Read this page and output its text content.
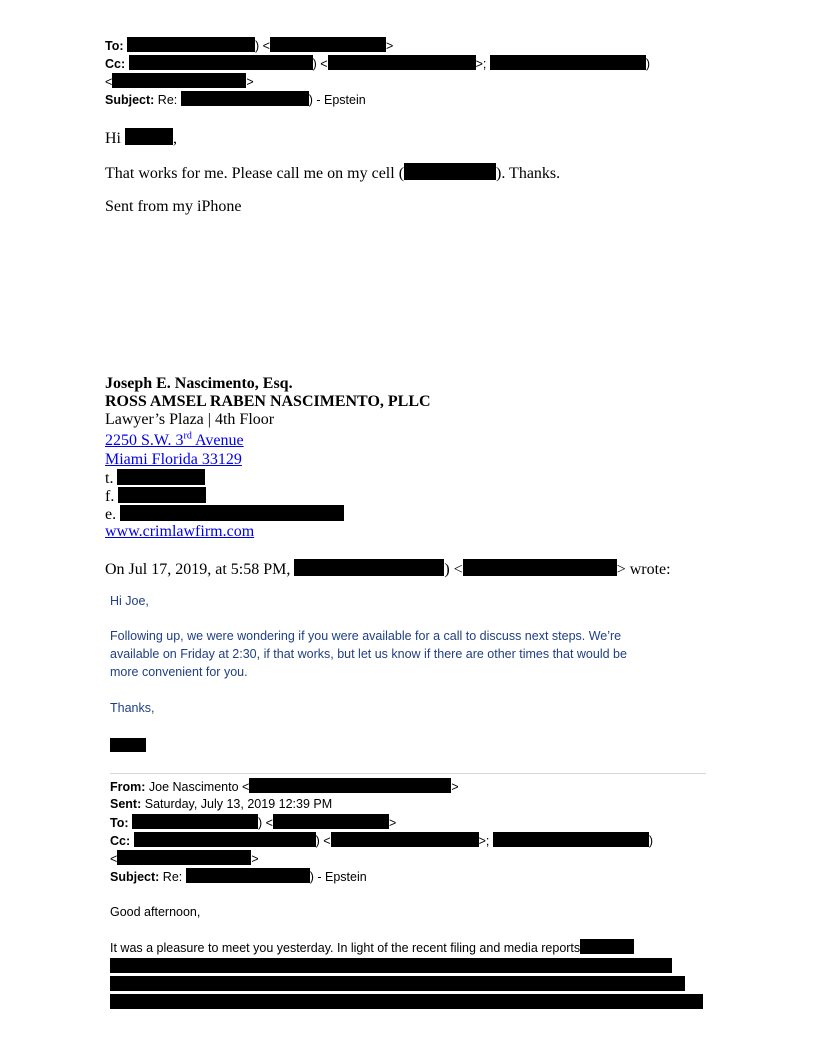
To:	) <	>
Cc:	) <	>;	)
<	>
Subject: Re:	) - Epstein
Hi	,
That works for me. Please call me on my cell (	). Thanks.
Sent from my iPhone
Joseph E. Nascimento, Esq.
ROSS AMSEL RABEN NASCIMENTO, PLLC
Lawyer’s Plaza | 4th Floor
2250 S.W. 3rd Avenue
Miami Florida 33129
t.
f.
e.
www.crimlawfirm.com
On Jul 17, 2019, at 5:58 PM,	) <	> wrote:
Hi Joe,
Following up, we were wondering if you were available for a call to discuss next steps. We’re
available on Friday at 2:30, if that works, but let us know if there are other times that would be
more convenient for you.
Thanks,
From: Joe Nascimento <	>
Sent: Saturday, July 13, 2019 12:39 PM
To:	) <	>
Cc:	) <	>;	)
<	>
Subject: Re:	) - Epstein
Good afternoon,
It was a pleasure to meet you yesterday. In light of the recent filing and media reports
